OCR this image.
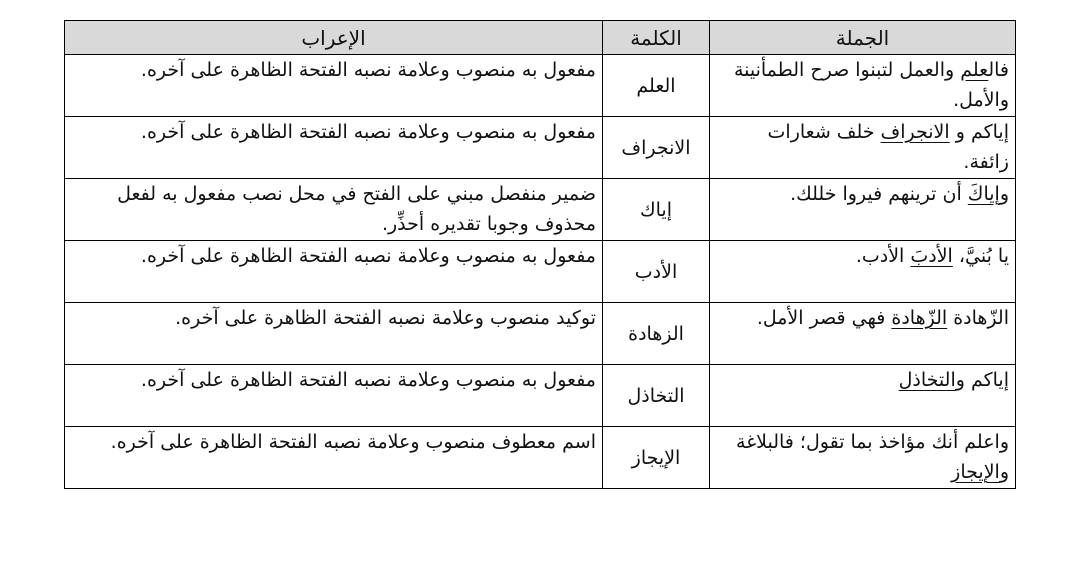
الجملة	الكلمة	الإعراب
فالعلم والعمل لتبنوا صرح الطمأنينة والأمل.	العلم	مفعول به منصوب وعلامة نصبه الفتحة الظاهرة على آخره.
إياكم و الانجراف خلف شعارات زائفة.	الانجراف	مفعول به منصوب وعلامة نصبه الفتحة الظاهرة على آخره.
وإياكَ أن ترينهم فيروا خللك.	إياك	ضمير منفصل مبني على الفتح في محل نصب مفعول به لفعل محذوف وجوبا تقديره أحذِّر.
يا بُنيَّ، الأدبَ الأدب.	الأدب	مفعول به منصوب وعلامة نصبه الفتحة الظاهرة على آخره.
الزّهادة الزّهادة فهي قصر الأمل.	الزهادة	توكيد منصوب وعلامة نصبه الفتحة الظاهرة على آخره.
إياكم والتخاذل	التخاذل	مفعول به منصوب وعلامة نصبه الفتحة الظاهرة على آخره.
واعلم أنك مؤاخذ بما تقول؛ فالبلاغة والإيجاز	الإيجاز	اسم معطوف منصوب وعلامة نصبه الفتحة الظاهرة على آخره.
خمسات
